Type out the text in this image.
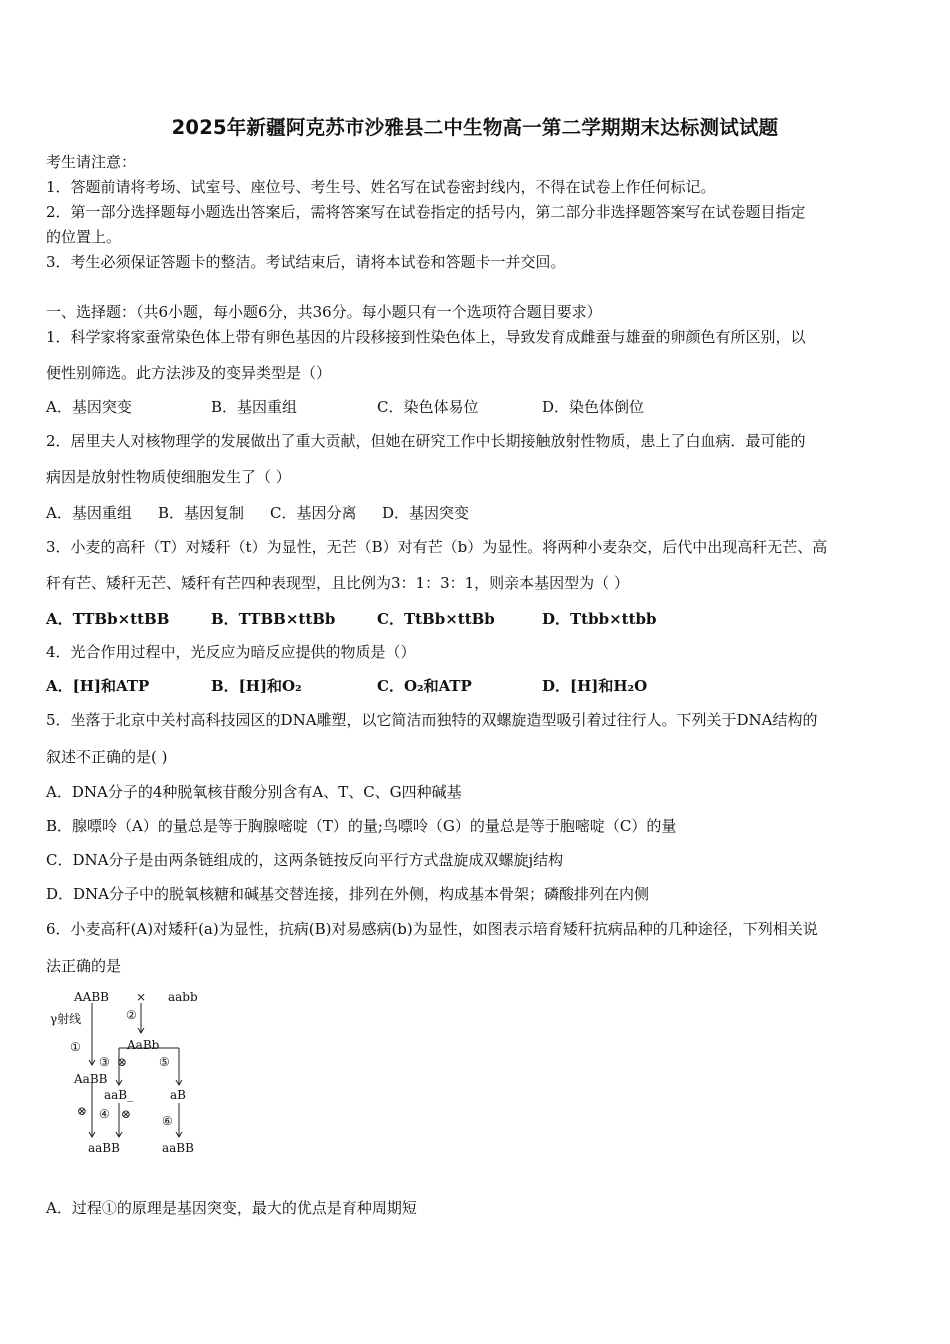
2025年新疆阿克苏市沙雅县二中生物高一第二学期期末达标测试试题
考生请注意：
1．答题前请将考场、试室号、座位号、考生号、姓名写在试卷密封线内，不得在试卷上作任何标记。
2．第一部分选择题每小题选出答案后，需将答案写在试卷指定的括号内，第二部分非选择题答案写在试卷题目指定
的位置上。
3．考生必须保证答题卡的整洁。考试结束后，请将本试卷和答题卡一并交回。
一、选择题：（共6小题，每小题6分，共36分。每小题只有一个选项符合题目要求）
1．科学家将家蚕常染色体上带有卵色基因的片段移接到性染色体上，导致发育成雌蚕与雄蚕的卵颜色有所区别，以
便性别筛选。此方法涉及的变异类型是（）
A．基因突变	B．基因重组	C．染色体易位	D．染色体倒位
2．居里夫人对核物理学的发展做出了重大贡献，但她在研究工作中长期接触放射性物质，患上了白血病．最可能的
病因是放射性物质使细胞发生了（ ）
A．基因重组 B．基因复制 C．基因分离 D．基因突变
3．小麦的高秆（T）对矮秆（t）为显性，无芒（B）对有芒（b）为显性。将两种小麦杂交，后代中出现高秆无芒、高
秆有芒、矮秆无芒、矮秆有芒四种表现型，且比例为3：1：3：1，则亲本基因型为（ ）
A．TTBb×ttBB	B．TTBB×ttBb	C．TtBb×ttBb	D．Ttbb×ttbb
4．光合作用过程中，光反应为暗反应提供的物质是（）
A．[H]和ATP	B．[H]和O₂	C．O₂和ATP	D．[H]和H₂O
5．坐落于北京中关村高科技园区的DNA雕塑，以它简洁而独特的双螺旋造型吸引着过往行人。下列关于DNA结构的
叙述不正确的是( )
A．DNA分子的4种脱氧核苷酸分别含有A、T、C、G四种碱基
B．腺嘌呤（A）的量总是等于胸腺嘧啶（T）的量;鸟嘌呤（G）的量总是等于胞嘧啶（C）的量
C．DNA分子是由两条链组成的，这两条链按反向平行方式盘旋成双螺旋j结构
D．DNA分子中的脱氧核糖和碱基交替连接，排列在外侧，构成基本骨架；磷酸排列在内侧
6．小麦高秆(A)对矮秆(a)为显性，抗病(B)对易感病(b)为显性，如图表示培育矮秆抗病品种的几种途径，下列相关说
法正确的是
AABB × aabb
γ射线	②
①	AaBb
③ ⊗	⑤
AaBB
aaB_	aB
⊗ ④ ⊗	⑥
aaBB	aaBB
A．过程①的原理是基因突变，最大的优点是育种周期短
